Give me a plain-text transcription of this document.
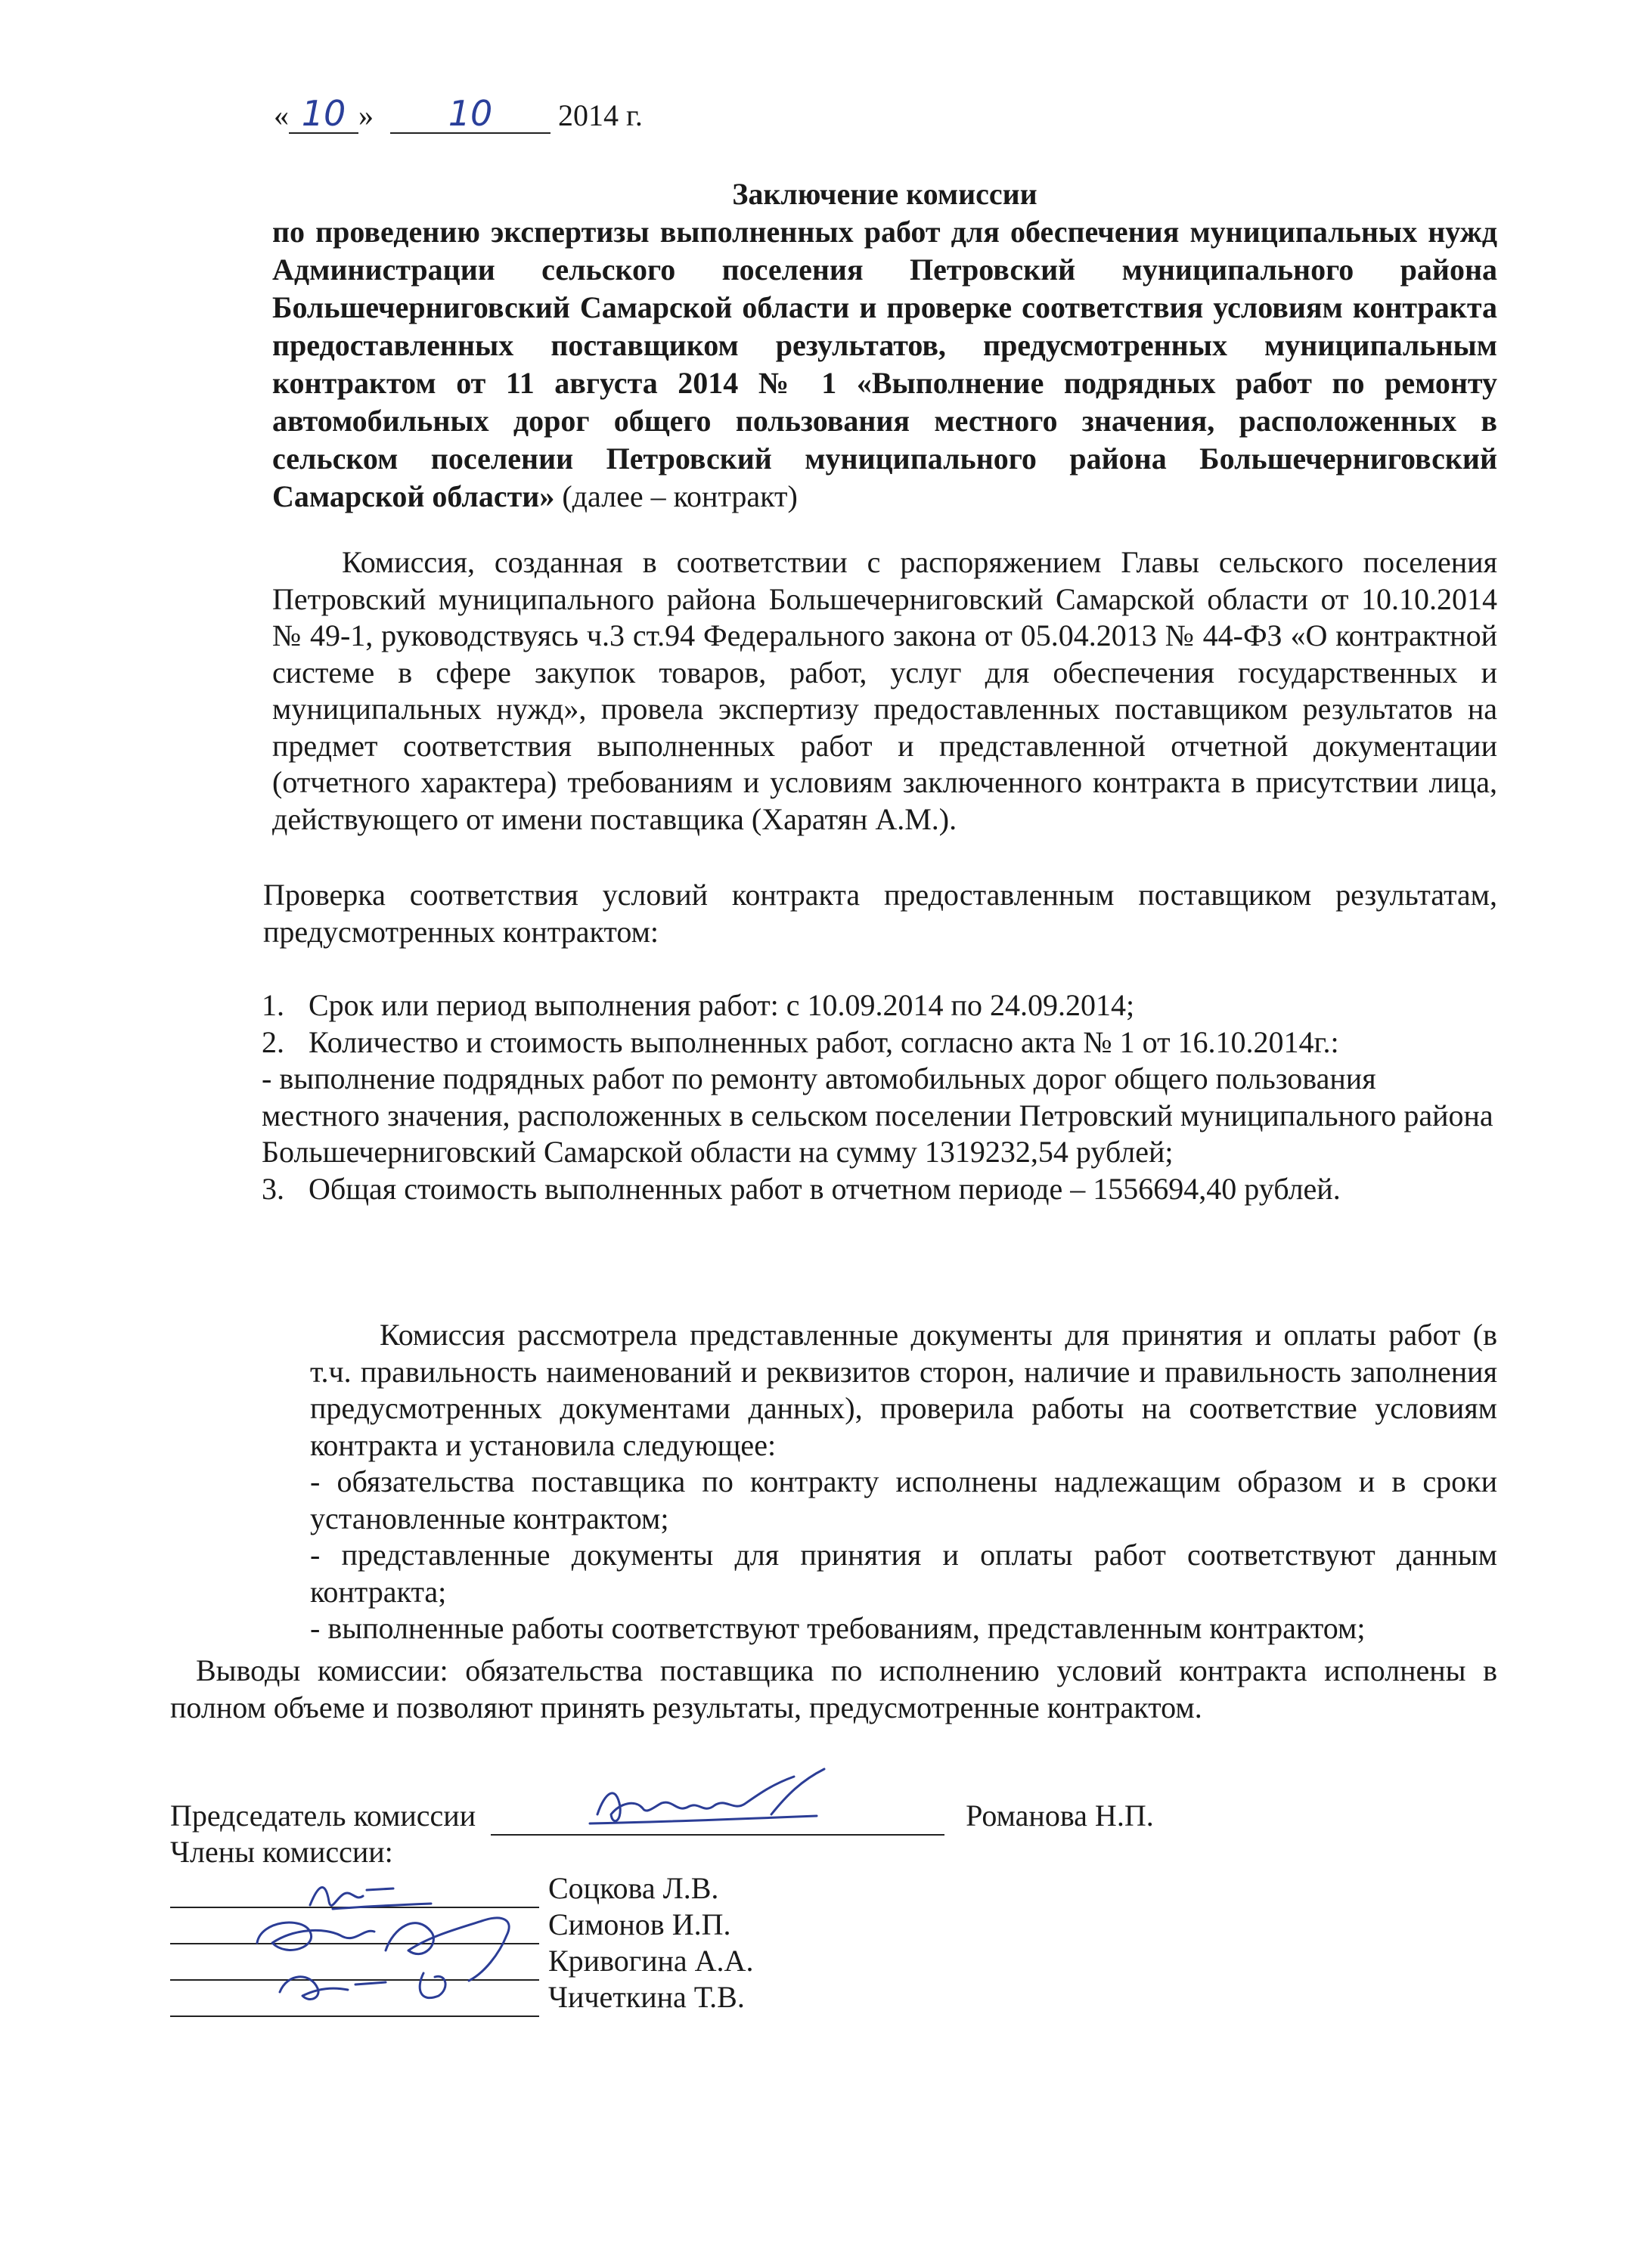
« 10 » 10 2014 г.
Заключение комиссии
по проведению экспертизы выполненных работ для обеспечения муниципальных нужд Администрации сельского поселения Петровский муниципального района Большечерниговский Самарской области и проверке соответствия условиям контракта предоставленных поставщиком результатов, предусмотренных муниципальным контрактом от 11 августа 2014 № 1 «Выполнение подрядных работ по ремонту автомобильных дорог общего пользования местного значения, расположенных в сельском поселении Петровский муниципального района Большечерниговский Самарской области» (далее – контракт)
Комиссия, созданная в соответствии с распоряжением Главы сельского поселения Петровский муниципального района Большечерниговский Самарской области от 10.10.2014 № 49-1, руководствуясь ч.3 ст.94 Федерального закона от 05.04.2013 № 44-ФЗ «О контрактной системе в сфере закупок товаров, работ, услуг для обеспечения государственных и муниципальных нужд», провела экспертизу предоставленных поставщиком результатов на предмет соответствия выполненных работ и представленной отчетной документации (отчетного характера) требованиям и условиям заключенного контракта в присутствии лица, действующего от имени поставщика (Харатян А.М.).
Проверка соответствия условий контракта предоставленным поставщиком результатам, предусмотренных контрактом:
1. Срок или период выполнения работ: с 10.09.2014 по 24.09.2014;
2. Количество и стоимость выполненных работ, согласно акта № 1 от 16.10.2014г.:
- выполнение подрядных работ по ремонту автомобильных дорог общего пользования местного значения, расположенных в сельском поселении Петровский муниципального района Большечерниговский Самарской области на сумму 1319232,54 рублей;
3. Общая стоимость выполненных работ в отчетном периоде – 1556694,40 рублей.
Комиссия рассмотрела представленные документы для принятия и оплаты работ (в т.ч. правильность наименований и реквизитов сторон, наличие и правильность заполнения предусмотренных документами данных), проверила работы на соответствие условиям контракта и установила следующее:
- обязательства поставщика по контракту исполнены надлежащим образом и в сроки установленные контрактом;
- представленные документы для принятия и оплаты работ соответствуют данным контракта;
- выполненные работы соответствуют требованиям, представленным контрактом;
Выводы комиссии: обязательства поставщика по исполнению условий контракта исполнены в полном объеме и позволяют принять результаты, предусмотренные контрактом.
Председатель комиссии	Романова Н.П.
Члены комиссии:
Соцкова Л.В.
Симонов И.П.
Кривогина А.А.
Чичеткина Т.В.
